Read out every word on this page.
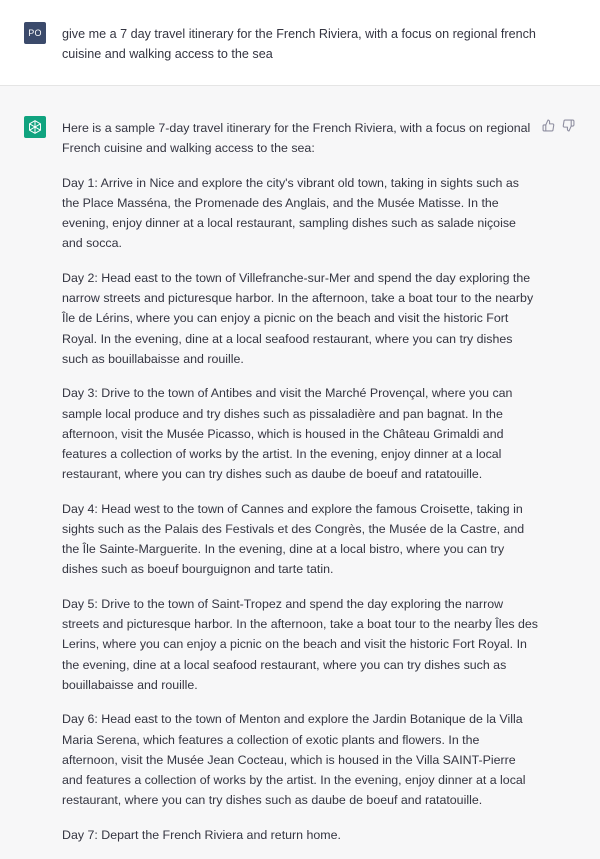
PO	give me a 7 day travel itinerary for the French Riviera, with a focus on regional french cuisine and walking access to the sea

Here is a sample 7-day travel itinerary for the French Riviera, with a focus on regional French cuisine and walking access to the sea:

Day 1: Arrive in Nice and explore the city's vibrant old town, taking in sights such as the Place Masséna, the Promenade des Anglais, and the Musée Matisse. In the evening, enjoy dinner at a local restaurant, sampling dishes such as salade niçoise and socca.

Day 2: Head east to the town of Villefranche-sur-Mer and spend the day exploring the narrow streets and picturesque harbor. In the afternoon, take a boat tour to the nearby Île de Lérins, where you can enjoy a picnic on the beach and visit the historic Fort Royal. In the evening, dine at a local seafood restaurant, where you can try dishes such as bouillabaisse and rouille.

Day 3: Drive to the town of Antibes and visit the Marché Provençal, where you can sample local produce and try dishes such as pissaladière and pan bagnat. In the afternoon, visit the Musée Picasso, which is housed in the Château Grimaldi and features a collection of works by the artist. In the evening, enjoy dinner at a local restaurant, where you can try dishes such as daube de boeuf and ratatouille.

Day 4: Head west to the town of Cannes and explore the famous Croisette, taking in sights such as the Palais des Festivals et des Congrès, the Musée de la Castre, and the Île Sainte-Marguerite. In the evening, dine at a local bistro, where you can try dishes such as boeuf bourguignon and tarte tatin.

Day 5: Drive to the town of Saint-Tropez and spend the day exploring the narrow streets and picturesque harbor. In the afternoon, take a boat tour to the nearby Îles des Lerins, where you can enjoy a picnic on the beach and visit the historic Fort Royal. In the evening, dine at a local seafood restaurant, where you can try dishes such as bouillabaisse and rouille.

Day 6: Head east to the town of Menton and explore the Jardin Botanique de la Villa Maria Serena, which features a collection of exotic plants and flowers. In the afternoon, visit the Musée Jean Cocteau, which is housed in the Villa SAINT-Pierre and features a collection of works by the artist. In the evening, enjoy dinner at a local restaurant, where you can try dishes such as daube de boeuf and ratatouille.

Day 7: Depart the French Riviera and return home.
